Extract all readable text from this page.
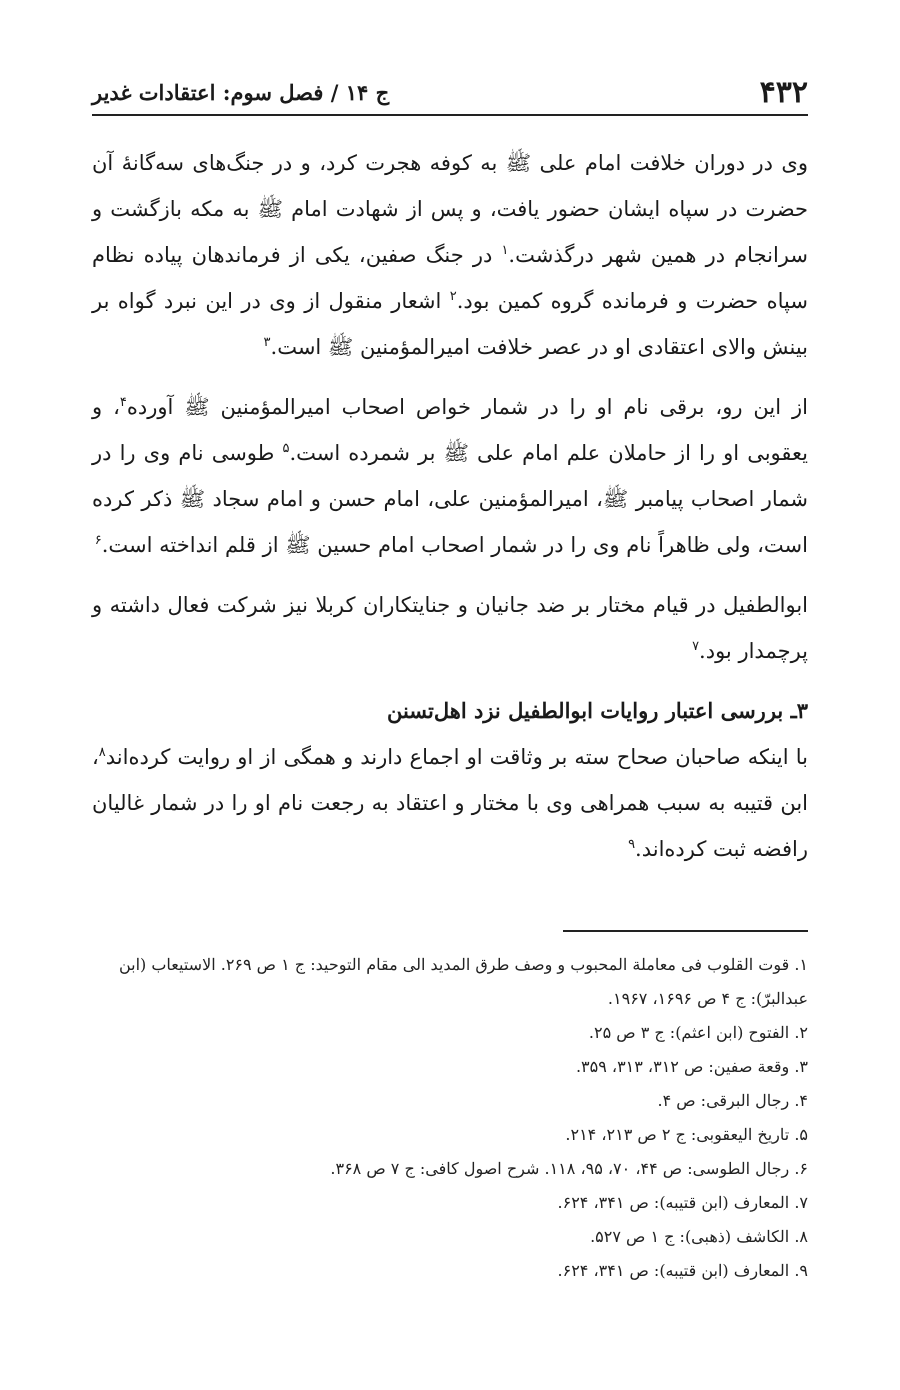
۴۳۲
ج ۱۴ / فصل سوم: اعتقادات غدیر

وی در دوران خلافت امام علی ﷺ به کوفه هجرت کرد، و در جنگ‌های سه‌گانهٔ آن حضرت در سپاه ایشان حضور یافت، و پس از شهادت امام ﷺ به مکه بازگشت و سرانجام در همین شهر درگذشت.$^۱$ در جنگ صفین، یکی از فرماندهان پیاده نظام سپاه حضرت و فرمانده گروه کمین بود.$^۲$ اشعار منقول از وی در این نبرد گواه بر بینش والای اعتقادی او در عصر خلافت امیرالمؤمنین ﷺ است.$^۳$

از این رو، برقی نام او را در شمار خواص اصحاب امیرالمؤمنین ﷺ آورده$^۴$، و یعقوبی او را از حاملان علم امام علی ﷺ بر شمرده است.$^۵$ طوسی نام وی را در شمار اصحاب پیامبر ﷺ، امیرالمؤمنین علی، امام حسن و امام سجاد ﷺ ذکر کرده است، ولی ظاهراً نام وی را در شمار اصحاب امام حسین ﷺ از قلم انداخته است.$^۶$

ابوالطفیل در قیام مختار بر ضد جانیان و جنایتکاران کربلا نیز شرکت فعال داشته و پرچمدار بود.$^۷$

۳ـ بررسی اعتبار روایات ابوالطفیل نزد اهل‌تسنن

با اینکه صاحبان صحاح سته بر وثاقت او اجماع دارند و همگی از او روایت کرده‌اند$^۸$، ابن قتیبه به سبب همراهی وی با مختار و اعتقاد به رجعت نام او را در شمار غالیان رافضه ثبت کرده‌اند.$^۹$

۱. قوت القلوب فی معاملة المحبوب و وصف طرق المدید الی مقام التوحید: ج ۱ ص ۲۶۹. الاستیعاب (ابن عبدالبرّ): ج ۴ ص ۱۶۹۶، ۱۹۶۷.

۲. الفتوح (ابن اعثم): ج ۳ ص ۲۵.

۳. وقعة صفین: ص ۳۱۲، ۳۱۳، ۳۵۹.

۴. رجال البرقی: ص ۴.

۵. تاریخ الیعقوبی: ج ۲ ص ۲۱۳، ۲۱۴.

۶. رجال الطوسی: ص ۴۴، ۷۰، ۹۵، ۱۱۸. شرح اصول کافی: ج ۷ ص ۳۶۸.

۷. المعارف (ابن قتیبه): ص ۳۴۱، ۶۲۴.

۸. الکاشف (ذهبی): ج ۱ ص ۵۲۷.

۹. المعارف (ابن قتیبه): ص ۳۴۱، ۶۲۴.
